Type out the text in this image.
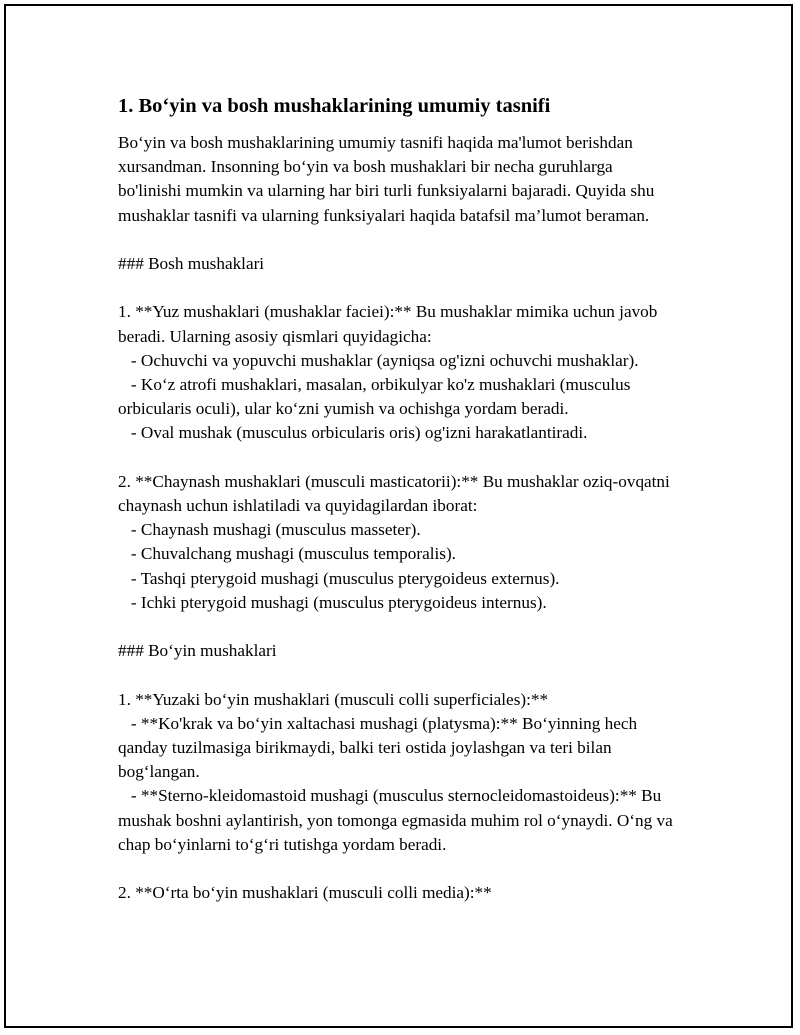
1. Bo‘yin va bosh mushaklarining umumiy tasnifi

Bo‘yin va bosh mushaklarining umumiy tasnifi haqida ma'lumot berishdan xursandman. Insonning bo‘yin va bosh mushaklari bir necha guruhlarga bo'linishi mumkin va ularning har biri turli funksiyalarni bajaradi. Quyida shu mushaklar tasnifi va ularning funksiyalari haqida batafsil ma’lumot beraman.

### Bosh mushaklari

1. **Yuz mushaklari (mushaklar faciei):** Bu mushaklar mimika uchun javob beradi. Ularning asosiy qismlari quyidagicha:

- Ochuvchi va yopuvchi mushaklar (ayniqsa og'izni ochuvchi mushaklar).

- Ko‘z atrofi mushaklari, masalan, orbikulyar ko'z mushaklari (musculus orbicularis oculi), ular ko‘zni yumish va ochishga yordam beradi.

- Oval mushak (musculus orbicularis oris) og'izni harakatlantiradi.

2. **Chaynash mushaklari (musculi masticatorii):** Bu mushaklar oziq-ovqatni chaynash uchun ishlatiladi va quyidagilardan iborat:

- Chaynash mushagi (musculus masseter).

- Chuvalchang mushagi (musculus temporalis).

- Tashqi pterygoid mushagi (musculus pterygoideus externus).

- Ichki pterygoid mushagi (musculus pterygoideus internus).

### Bo‘yin mushaklari

1. **Yuzaki bo‘yin mushaklari (musculi colli superficiales):**

- **Ko'krak va bo‘yin xaltachasi mushagi (platysma):** Bo‘yinning hech qanday tuzilmasiga birikmaydi, balki teri ostida joylashgan va teri bilan bog‘langan.

- **Sterno-kleidomastoid mushagi (musculus sternocleidomastoideus):** Bu mushak boshni aylantirish, yon tomonga egmasida muhim rol o‘ynaydi. O‘ng va chap bo‘yinlarni to‘g‘ri tutishga yordam beradi.

2. **O‘rta bo‘yin mushaklari (musculi colli media):**
